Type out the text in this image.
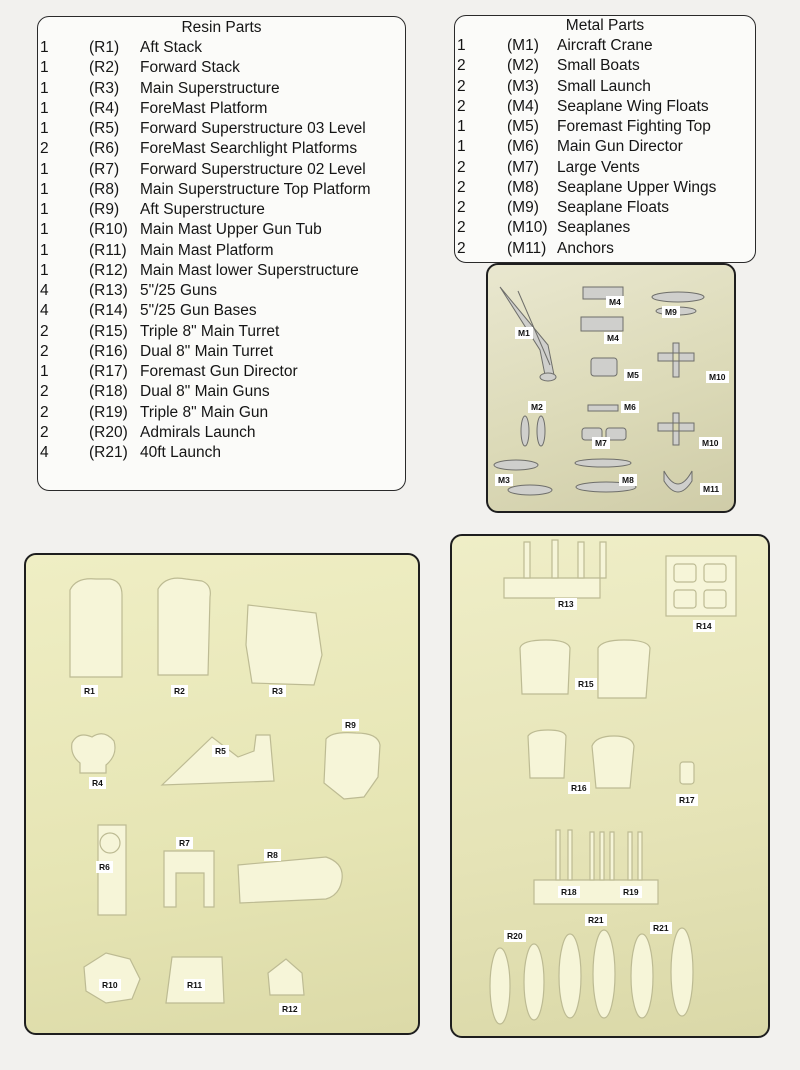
Resin Parts
1	(R1) Aft Stack
1	(R2) Forward Stack
1	(R3) Main Superstructure
1	(R4) ForeMast Platform
1	(R5) Forward Superstructure 03 Level
2	(R6) ForeMast Searchlight Platforms
1	(R7) Forward Superstructure 02 Level
1	(R8) Main Superstructure Top Platform
1	(R9) Aft Superstructure
1	(R10) Main Mast Upper Gun Tub
1	(R11) Main Mast Platform
1	(R12) Main Mast lower Superstructure
4	(R13) 5"/25 Guns
4	(R14) 5"/25 Gun Bases
2	(R15) Triple 8" Main Turret
2	(R16) Dual 8" Main Turret
1	(R17) Foremast Gun Director
2	(R18) Dual 8" Main Guns
2	(R19) Triple 8" Main Gun
2	(R20) Admirals Launch
4	(R21) 40ft Launch
Metal Parts
1	(M1) Aircraft Crane
2	(M2) Small Boats
2	(M3) Small Launch
2	(M4) Seaplane Wing Floats
1	(M5) Foremast Fighting Top
1	(M6) Main Gun Director
2	(M7) Large Vents
2	(M8) Seaplane Upper Wings
2	(M9) Seaplane Floats
2	(M10) Seaplanes
2	(M11) Anchors
M1
M4
M9
M4
M5	M10
M2	M6
M7	M10
M3	M8
M11
R1	R2	R3
R9
R4
R5
R6
R7
R8
R10	R11
R12
R13
R14
R15
R16
R17
R18	R19
R21
R20
R21
